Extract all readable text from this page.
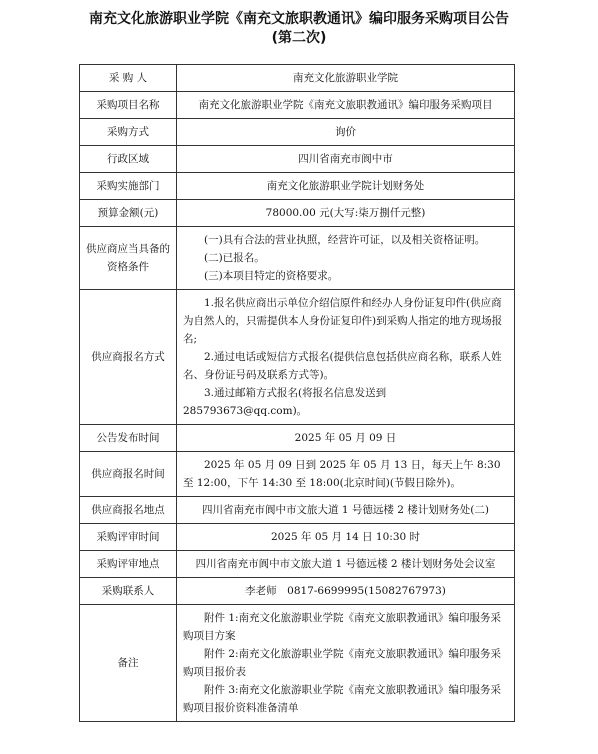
南充文化旅游职业学院《南充文旅职教通讯》编印服务采购项目公告
(第二次)
采 购 人	南充文化旅游职业学院
采购项目名称	南充文化旅游职业学院《南充文旅职教通讯》编印服务采购项目
采购方式	询价
行政区域	四川省南充市阆中市
采购实施部门	南充文化旅游职业学院计划财务处
预算金额(元)	78000.00 元(大写:柒万捌仟元整)
供应商应当具备的资格条件	(一)具有合法的营业执照，经营许可证，以及相关资格证明。
(二)已报名。
(三)本项目特定的资格要求。

供应商报名方式	1.报名供应商出示单位介绍信原件和经办人身份证复印件(供应商为自然人的，只需提供本人身份证复印件)到采购人指定的地方现场报名;
2.通过电话或短信方式报名(提供信息包括供应商名称，联系人姓名、身份证号码及联系方式等)。
3.通过邮箱方式报名(将报名信息发送到 285793673@qq.com)。

公告发布时间	2025 年 05 月 09 日
供应商报名时间	2025 年 05 月 09 日到 2025 年 05 月 13 日，每天上午 8:30 至 12:00，下午 14:30 至 18:00(北京时间)(节假日除外)。
供应商报名地点	四川省南充市阆中市文旅大道 1 号德远楼 2 楼计划财务处(二)
采购评审时间	2025 年 05 月 14 日 10:30 时
采购评审地点	四川省南充市阆中市文旅大道 1 号德远楼 2 楼计划财务处会议室
采购联系人	李老师　0817-6699995(15082767973)
备注	附件 1:南充文化旅游职业学院《南充文旅职教通讯》编印服务采购项目方案
附件 2:南充文化旅游职业学院《南充文旅职教通讯》编印服务采购项目报价表
附件 3:南充文化旅游职业学院《南充文旅职教通讯》编印服务采购项目报价资料准备清单
